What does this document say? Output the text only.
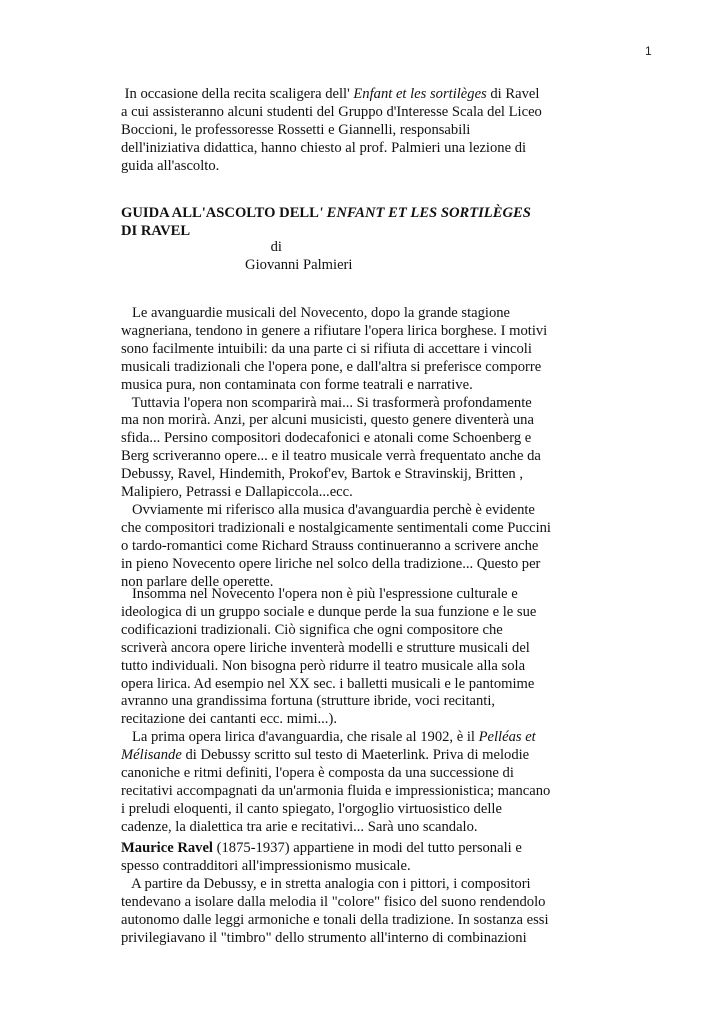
1
In occasione della recita scaligera dell' Enfant et les sortilèges di Ravel
a cui assisteranno alcuni studenti del Gruppo d'Interesse Scala del Liceo
Boccioni, le professoresse Rossetti e Giannelli, responsabili
dell'iniziativa didattica, hanno chiesto al prof. Palmieri una lezione di
guida all'ascolto.
GUIDA ALL'ASCOLTO DELL' ENFANT ET LES SORTILÈGES
DI RAVEL
di
Giovanni Palmieri
Le avanguardie musicali del Novecento, dopo la grande stagione
wagneriana, tendono in genere a rifiutare l'opera lirica borghese. I motivi
sono facilmente intuibili: da una parte ci si rifiuta di accettare i vincoli
musicali tradizionali che l'opera pone, e dall'altra si preferisce comporre
musica pura, non contaminata con forme teatrali e narrative.
Tuttavia l'opera non scomparirà mai... Si trasformerà profondamente
ma non morirà. Anzi, per alcuni musicisti, questo genere diventerà una
sfida... Persino compositori dodecafonici e atonali come Schoenberg e
Berg scriveranno opere... e il teatro musicale verrà frequentato anche da
Debussy, Ravel, Hindemith, Prokof'ev, Bartok e Stravinskij, Britten ,
Malipiero, Petrassi e Dallapiccola...ecc.
Ovviamente mi riferisco alla musica d'avanguardia perchè è evidente
che compositori tradizionali e nostalgicamente sentimentali come Puccini
o tardo-romantici come Richard Strauss continueranno a scrivere anche
in pieno Novecento opere liriche nel solco della tradizione... Questo per
non parlare delle operette.
Insomma nel Novecento l'opera non è più l'espressione culturale e
ideologica di un gruppo sociale e dunque perde la sua funzione e le sue
codificazioni tradizionali. Ciò significa che ogni compositore che
scriverà ancora opere liriche inventerà modelli e strutture musicali del
tutto individuali. Non bisogna però ridurre il teatro musicale alla sola
opera lirica. Ad esempio nel XX sec. i balletti musicali e le pantomime
avranno una grandissima fortuna (strutture ibride, voci recitanti,
recitazione dei cantanti ecc. mimi...).
La prima opera lirica d'avanguardia, che risale al 1902, è il Pelléas et
Mélisande di Debussy scritto sul testo di Maeterlink. Priva di melodie
canoniche e ritmi definiti, l'opera è composta da una successione di
recitativi accompagnati da un'armonia fluida e impressionistica; mancano
i preludi eloquenti, il canto spiegato, l'orgoglio virtuosistico delle
cadenze, la dialettica tra arie e recitativi... Sarà uno scandalo.
Maurice Ravel (1875-1937) appartiene in modi del tutto personali e
spesso contradditori all'impressionismo musicale.
A partire da Debussy, e in stretta analogia con i pittori, i compositori
tendevano a isolare dalla melodia il "colore" fisico del suono rendendolo
autonomo dalle leggi armoniche e tonali della tradizione. In sostanza essi
privilegiavano il "timbro" dello strumento all'interno di combinazioni
